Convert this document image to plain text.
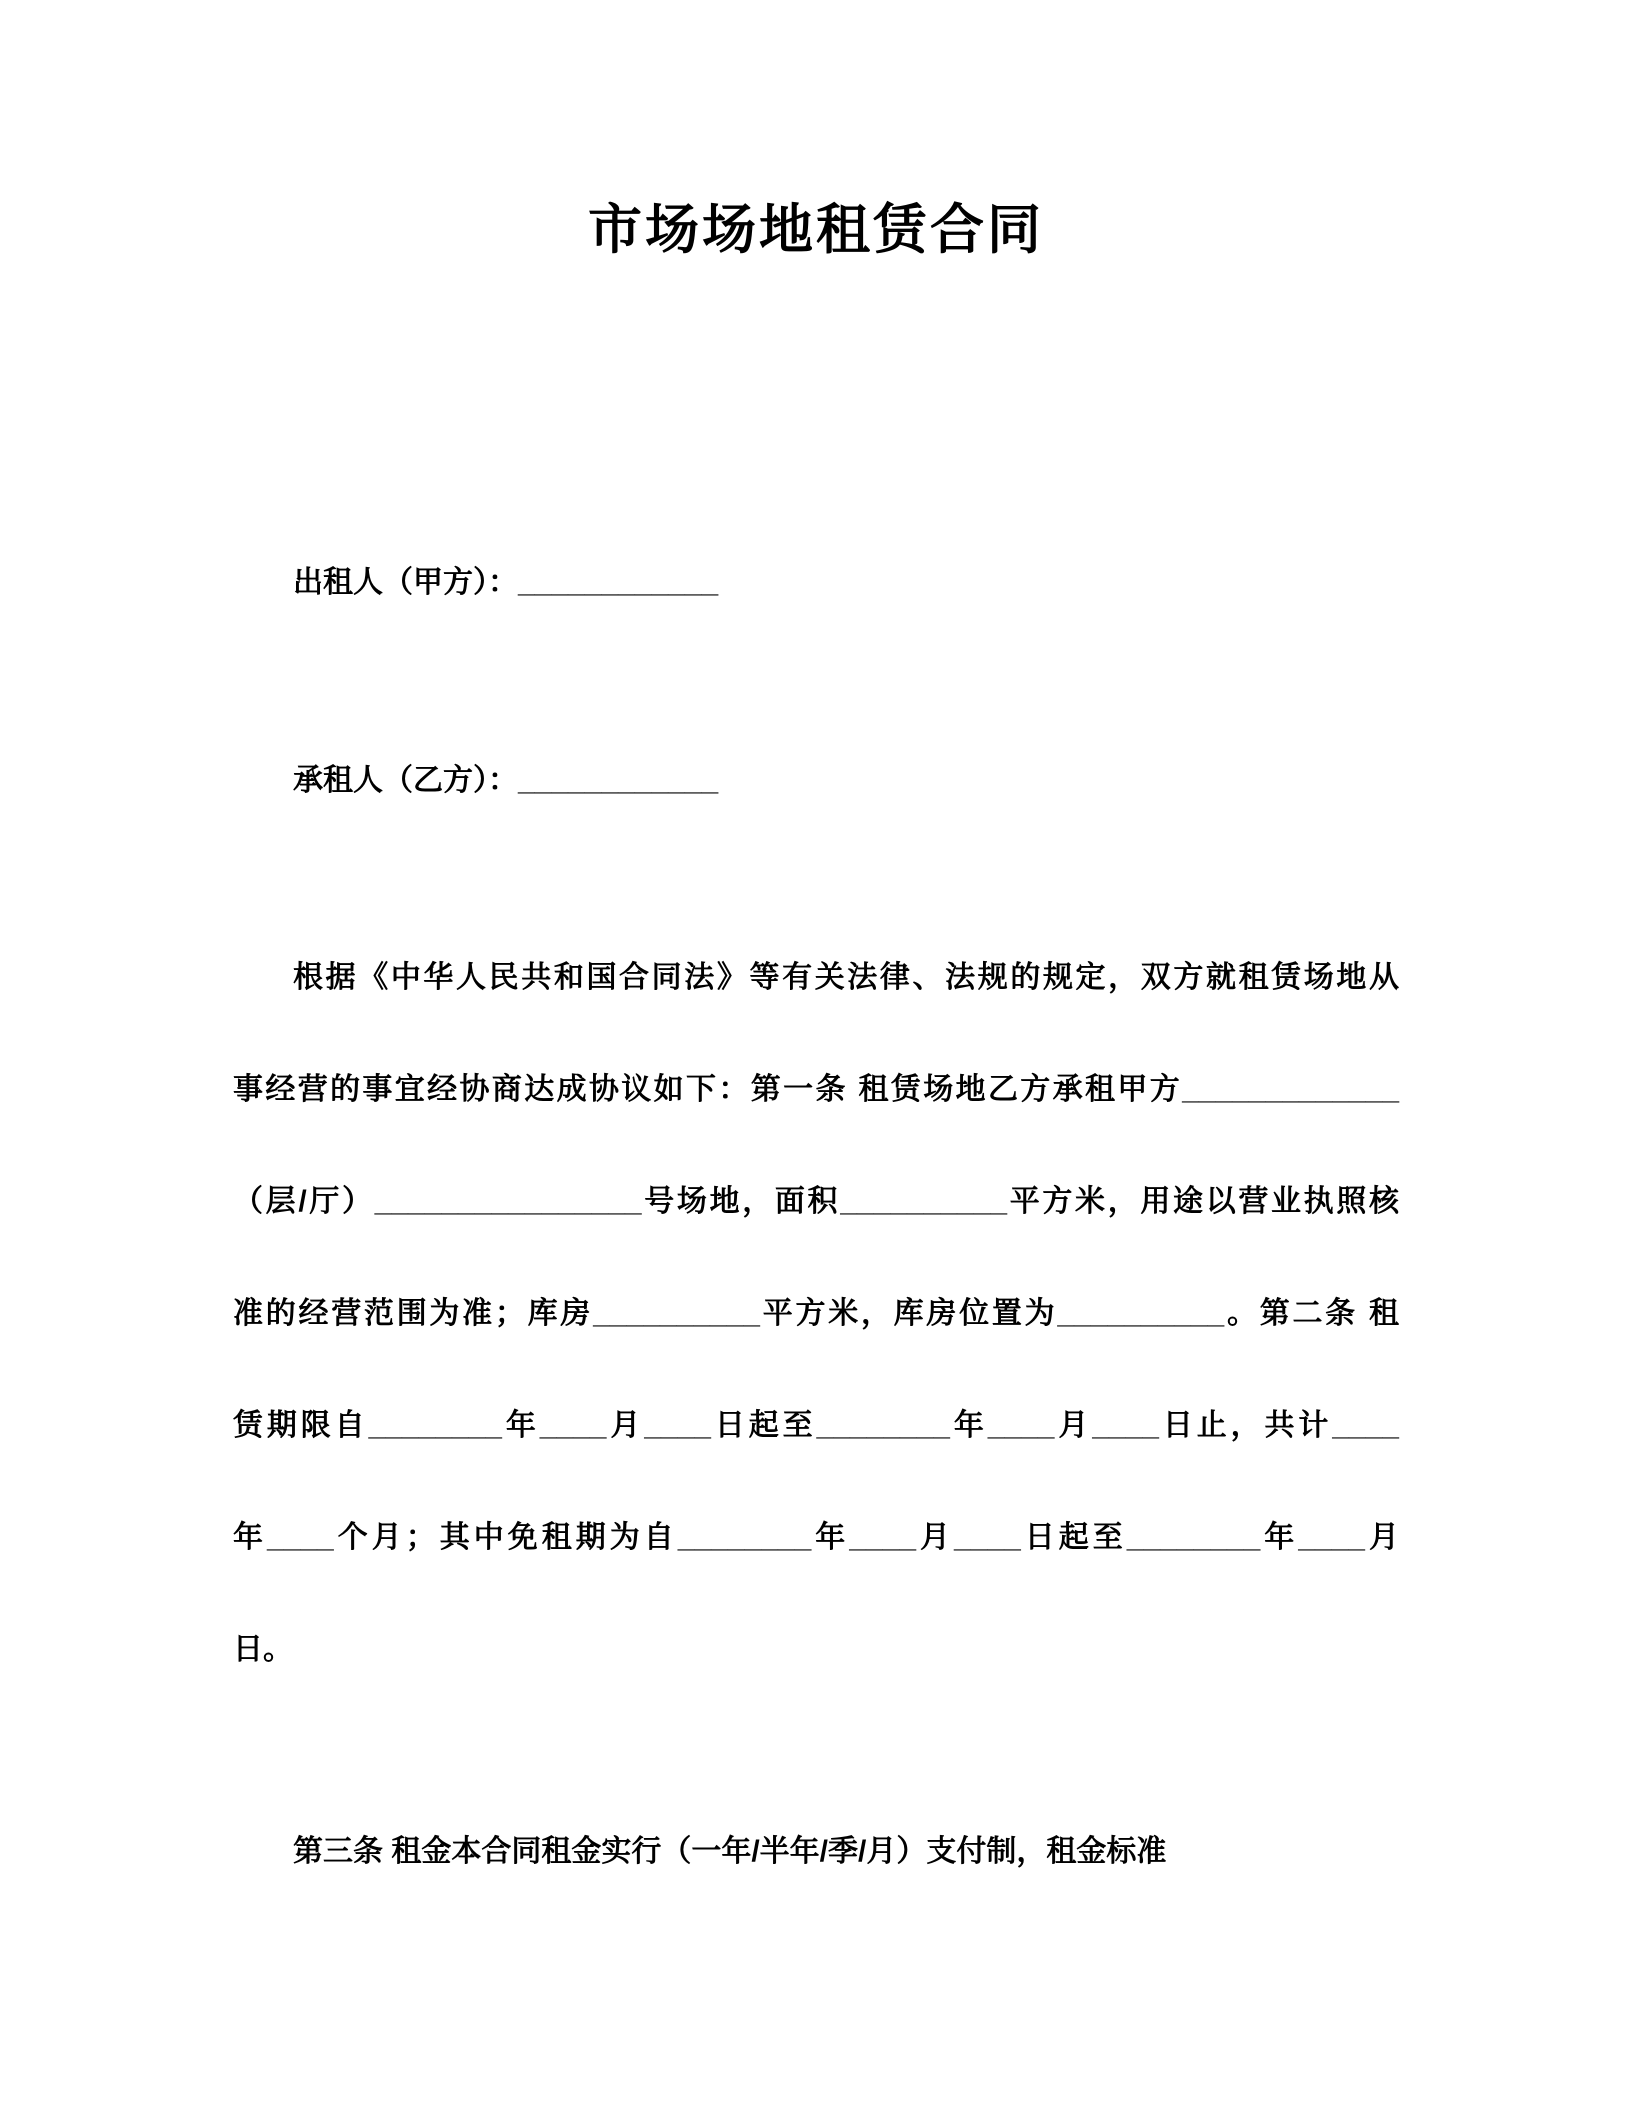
市场场地租赁合同
出租人（甲方）：____________
承租人（乙方）：____________
根据《中华人民共和国合同法》等有关法律、法规的规定，双方就租赁场地从
事经营的事宜经协商达成协议如下：第一条 租赁场地乙方承租甲方_____________
（层/厅）________________号场地，面积__________平方米，用途以营业执照核
准的经营范围为准；库房__________平方米，库房位置为__________。第二条 租
赁期限自________年____月____日起至________年____月____日止，共计____
年____个月；其中免租期为自________年____月____日起至________年____月
日。
第三条 租金本合同租金实行（一年/半年/季/月）支付制，租金标准
